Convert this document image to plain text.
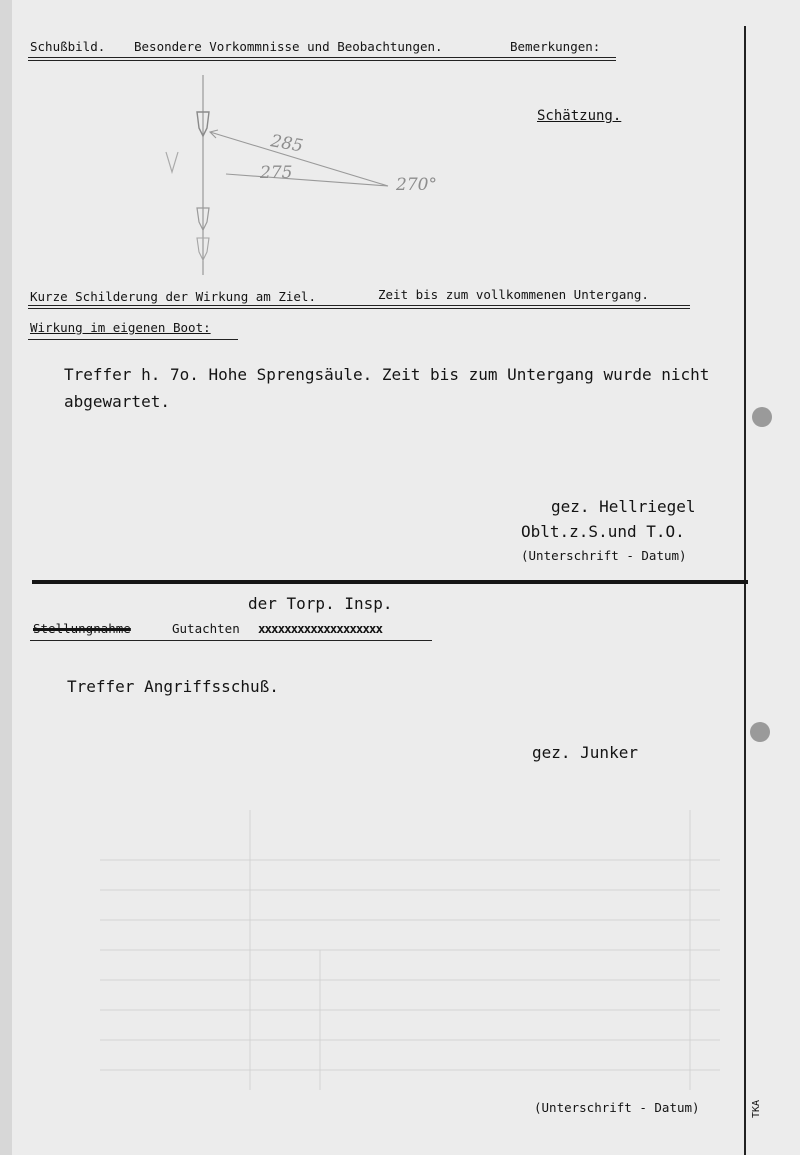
Schußbild. Besondere Vorkommnisse und Beobachtungen.	Bemerkungen:
Schätzung.
285
275
270°
Kurze Schilderung der Wirkung am Ziel.	Zeit bis zum vollkommenen Untergang.
Wirkung im eigenen Boot:
Treffer h. 7o. Hohe Sprengsäule. Zeit bis zum Untergang wurde nicht
abgewartet.
gez. Hellriegel
Oblt.z.S.und T.O.
(Unterschrift - Datum)
der Torp. Insp.
Stellungnahme	Gutachten xxxxxxxxxxxxxxxxxxx
Treffer Angriffsschuß.
gez. Junker
(Unterschrift - Datum)	TKA
